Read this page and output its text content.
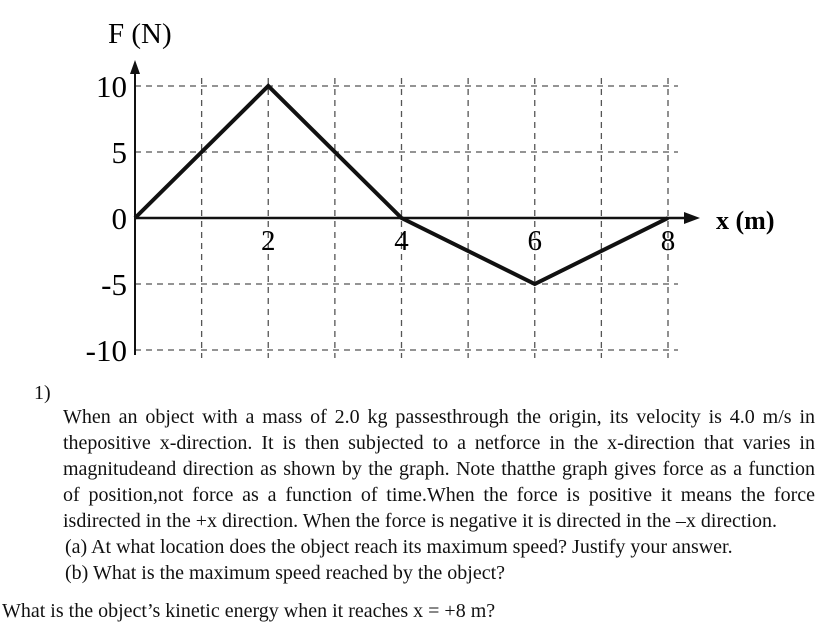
10
5
0
-5
-10
2	4	6	8
F (N)
x (m)
1)

When an object with a mass of 2.0 kg passesthrough the origin, its velocity is 4.0 m/s in thepositive x-direction. It is then subjected to a netforce in the x-direction that varies in magnitudeand direction as shown by the graph. Note thatthe graph gives force as a function of position,not force as a function of time.When the force is positive it means the force isdirected in the +x direction. When the force is negative it is directed in the –x direction.

(a) At what location does the object reach its maximum speed? Justify your answer.

(b) What is the maximum speed reached by the object?

What is the object’s kinetic energy when it reaches x = +8 m?
